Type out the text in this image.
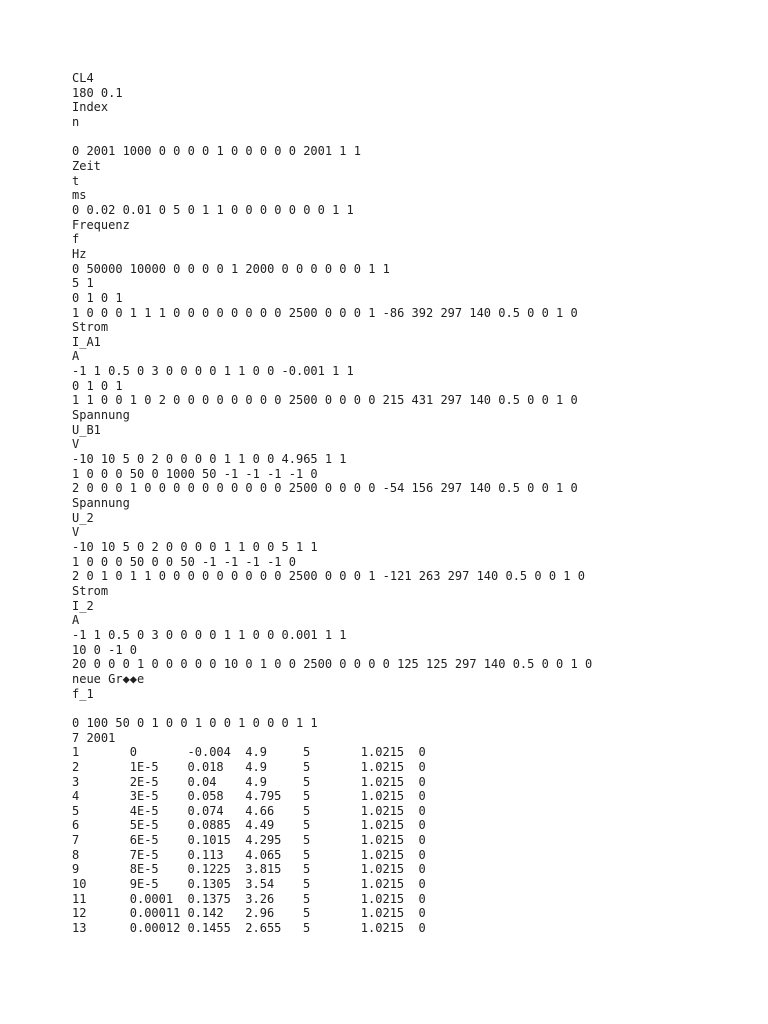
CL4
180 0.1
Index
n
0 2001 1000 0 0 0 0 1 0 0 0 0 0 2001 1 1
Zeit
t
ms
0 0.02 0.01 0 5 0 1 1 0 0 0 0 0 0 0 1 1
Frequenz
f
Hz
0 50000 10000 0 0 0 0 1 2000 0 0 0 0 0 0 1 1
5 1
0 1 0 1
1 0 0 0 1 1 1 0 0 0 0 0 0 0 0 2500 0 0 0 1 -86 392 297 140 0.5 0 0 1 0
Strom
I_A1
A
-1 1 0.5 0 3 0 0 0 0 1 1 0 0 -0.001 1 1
0 1 0 1
1 1 0 0 1 0 2 0 0 0 0 0 0 0 0 2500 0 0 0 0 215 431 297 140 0.5 0 0 1 0
Spannung
U_B1
V
-10 10 5 0 2 0 0 0 0 1 1 0 0 4.965 1 1
1 0 0 0 50 0 1000 50 -1 -1 -1 -1 0
2 0 0 0 1 0 0 0 0 0 0 0 0 0 0 2500 0 0 0 0 -54 156 297 140 0.5 0 0 1 0
Spannung
U_2
V
-10 10 5 0 2 0 0 0 0 1 1 0 0 5 1 1
1 0 0 0 50 0 0 50 -1 -1 -1 -1 0
2 0 1 0 1 1 0 0 0 0 0 0 0 0 0 2500 0 0 0 1 -121 263 297 140 0.5 0 0 1 0
Strom
I_2
A
-1 1 0.5 0 3 0 0 0 0 1 1 0 0 0.001 1 1
10 0 -1 0
20 0 0 0 1 0 0 0 0 0 10 0 1 0 0 2500 0 0 0 0 125 125 297 140 0.5 0 0 1 0
neue Gr◆◆e
f_1
0 100 50 0 1 0 0 1 0 0 1 0 0 0 1 1
7 2001
1	0	-0.004 4.9	5	1.0215 0
2	1E-5 0.018 4.9	5	1.0215 0
3	2E-5 0.04 4.9	5	1.0215 0
4	3E-5 0.058 4.795 5	1.0215 0
5	4E-5 0.074 4.66 5	1.0215 0
6	5E-5 0.0885 4.49 5	1.0215 0
7	6E-5 0.1015 4.295 5	1.0215 0
8	7E-5 0.113 4.065 5	1.0215 0
9	8E-5 0.1225 3.815 5	1.0215 0
10	9E-5 0.1305 3.54 5	1.0215 0
11	0.0001 0.1375 3.26 5	1.0215 0
12	0.00011 0.142 2.96 5	1.0215 0
13	0.00012 0.1455 2.655 5	1.0215 0
